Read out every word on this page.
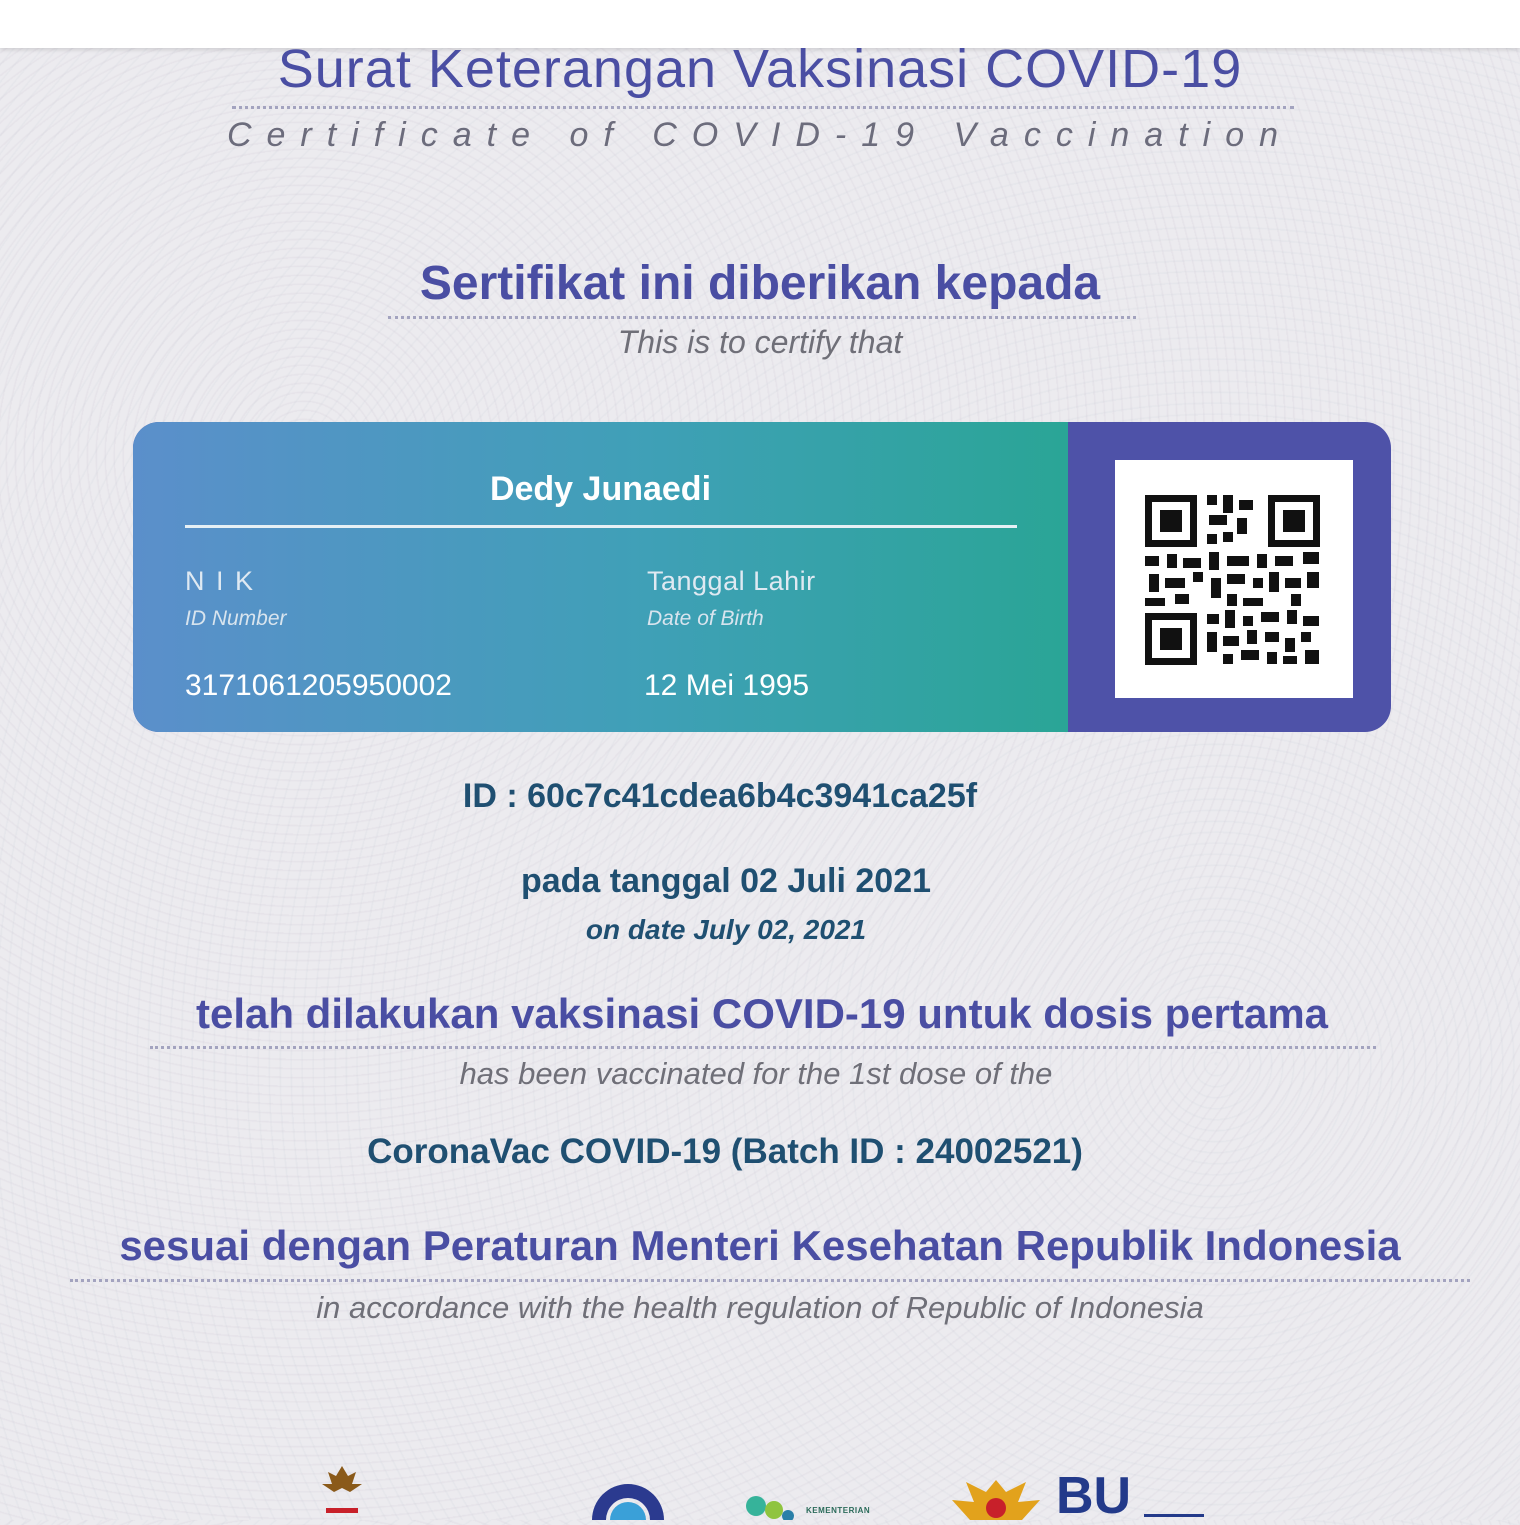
Surat Keterangan Vaksinasi COVID-19
Certificate of COVID-19 Vaccination
Sertifikat ini diberikan kepada
This is to certify that
Dedy Junaedi
N I K
ID Number
3171061205950002
Tanggal Lahir
Date of Birth
12 Mei 1995
ID : 60c7c41cdea6b4c3941ca25f
pada tanggal 02 Juli 2021
on date July 02, 2021
telah dilakukan vaksinasi COVID-19 untuk dosis pertama
has been vaccinated for the 1st dose of the
CoronaVac COVID-19 (Batch ID : 24002521)
sesuai dengan Peraturan Menteri Kesehatan Republik Indonesia
in accordance with the health regulation of Republic of Indonesia
KEMENTERIAN	BU
